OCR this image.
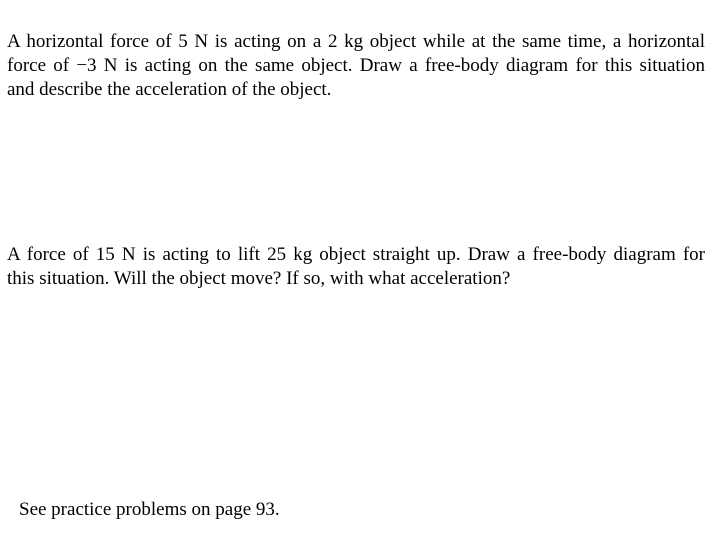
A horizontal force of 5 N is acting on a 2 kg object while at the same time, a horizontal
force of −3 N is acting on the same object. Draw a free-body diagram for this situation
and describe the acceleration of the object.
A force of 15 N is acting to lift 25 kg object straight up. Draw a free-body diagram for
this situation. Will the object move? If so, with what acceleration?

See practice problems on page 93.
